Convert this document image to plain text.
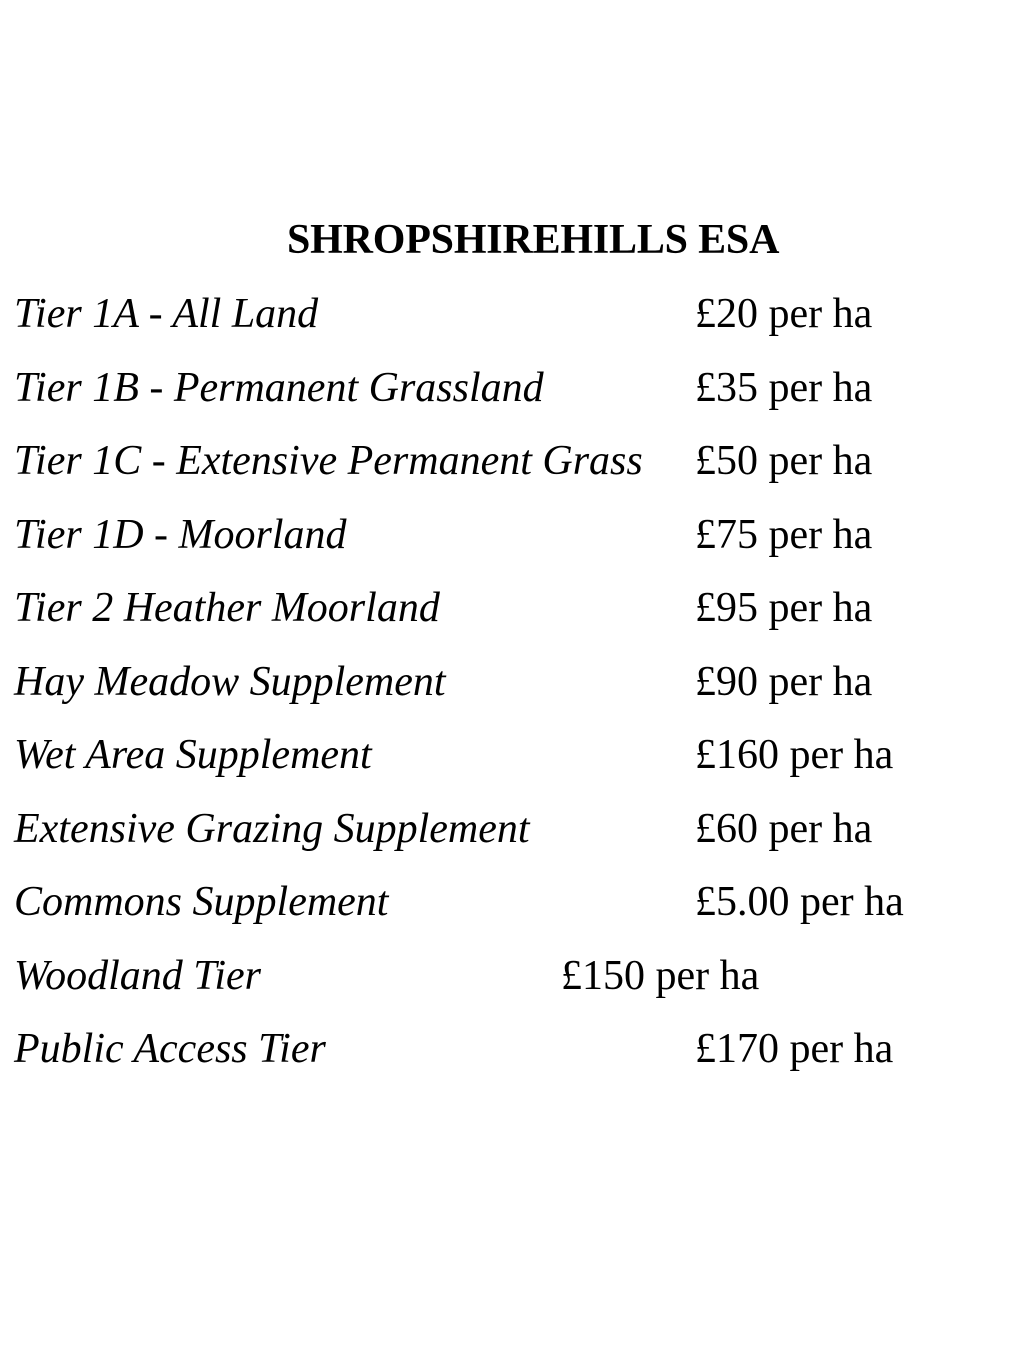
SHROPSHIREHILLS ESA
Tier 1A - All Land	£20 per ha
Tier 1B - Permanent Grassland	£35 per ha
Tier 1C - Extensive Permanent Grass £50 per ha
Tier 1D - Moorland	£75 per ha
Tier 2 Heather Moorland	£95 per ha
Hay Meadow Supplement	£90 per ha
Wet Area Supplement	£160 per ha
Extensive Grazing Supplement	£60 per ha
Commons Supplement	£5.00 per ha
Woodland Tier	£150 per ha
Public Access Tier	£170 per ha
